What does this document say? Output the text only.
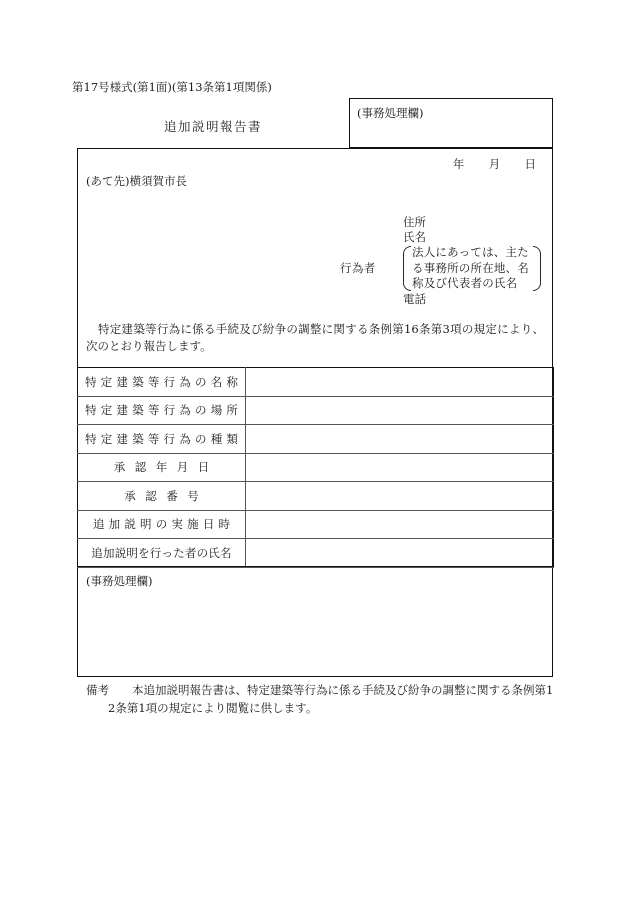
第17号様式(第1面)(第13条第1項関係)
追加説明報告書
(事務処理欄)
年 月 日
(あて先)横須賀市長
住所
氏名
行為者
法人にあっては、主たる事務所の所在地、名称及び代表者の氏名
電話
特定建築等行為に係る手続及び紛争の調整に関する条例第16条第3項の規定により、次のとおり報告します。
特定建築等行為の名称	
特定建築等行為の場所	
特定建築等行為の種類	
承認年月日	
承認番号	
追加説明の実施日時	
追加説明を行った者の氏名	
(事務処理欄)
備考　　 本追加説明報告書は、特定建築等行為に係る手続及び紛争の調整に関する条例第1
2条第1項の規定により閲覧に供します。
